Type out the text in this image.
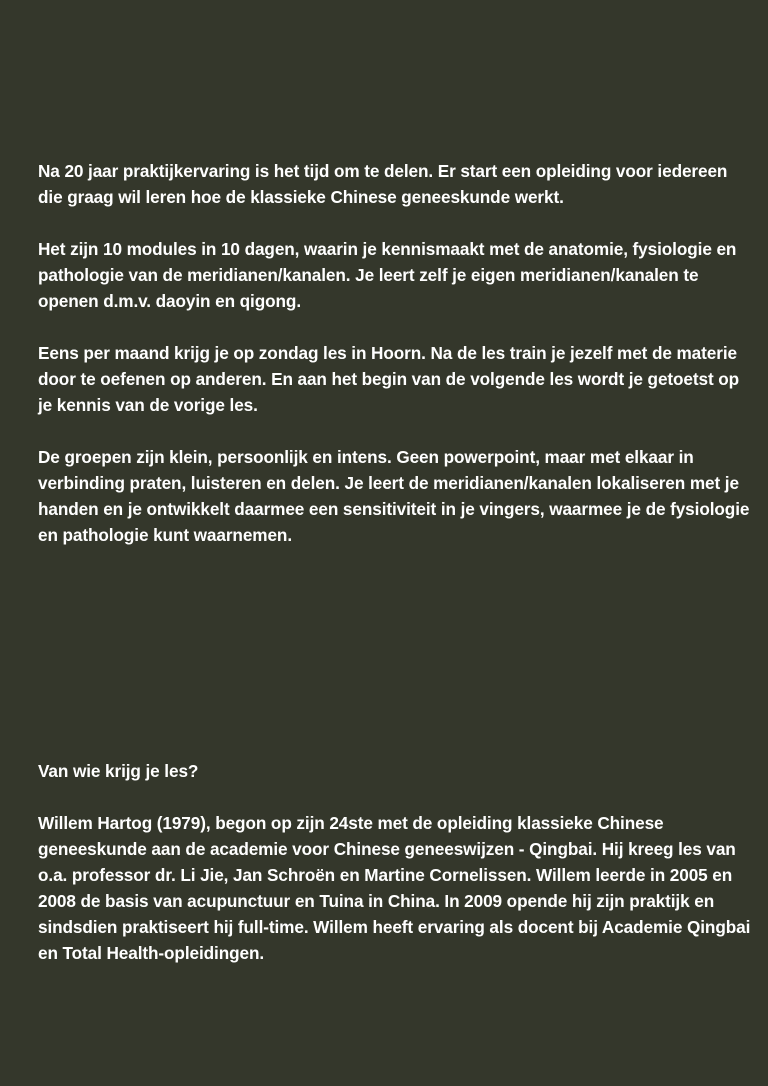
Na 20 jaar praktijkervaring is het tijd om te delen. Er start een opleiding voor iedereen die graag wil leren hoe de klassieke Chinese geneeskunde werkt.

Het zijn 10 modules in 10 dagen, waarin je kennismaakt met de anatomie, fysiologie en pathologie van de meridianen/kanalen. Je leert zelf je eigen meridianen/kanalen te openen d.m.v. daoyin en qigong.

Eens per maand krijg je op zondag les in Hoorn. Na de les train je jezelf met de materie door te oefenen op anderen. En aan het begin van de volgende les wordt je getoetst op je kennis van de vorige les.

De groepen zijn klein, persoonlijk en intens. Geen powerpoint, maar met elkaar in verbinding praten, luisteren en delen. Je leert de meridianen/kanalen lokaliseren met je handen en je ontwikkelt daarmee een sensitiviteit in je vingers, waarmee je de fysiologie en pathologie kunt waarnemen.

Van wie krijg je les?

Willem Hartog (1979), begon op zijn 24ste met de opleiding klassieke Chinese geneeskunde aan de academie voor Chinese geneeswijzen - Qingbai. Hij kreeg les van o.a. professor dr. Li Jie, Jan Schroën en Martine Cornelissen. Willem leerde in 2005 en 2008 de basis van acupunctuur en Tuina in China. In 2009 opende hij zijn praktijk en sindsdien praktiseert hij full-time. Willem heeft ervaring als docent bij Academie Qingbai en Total Health-opleidingen.
